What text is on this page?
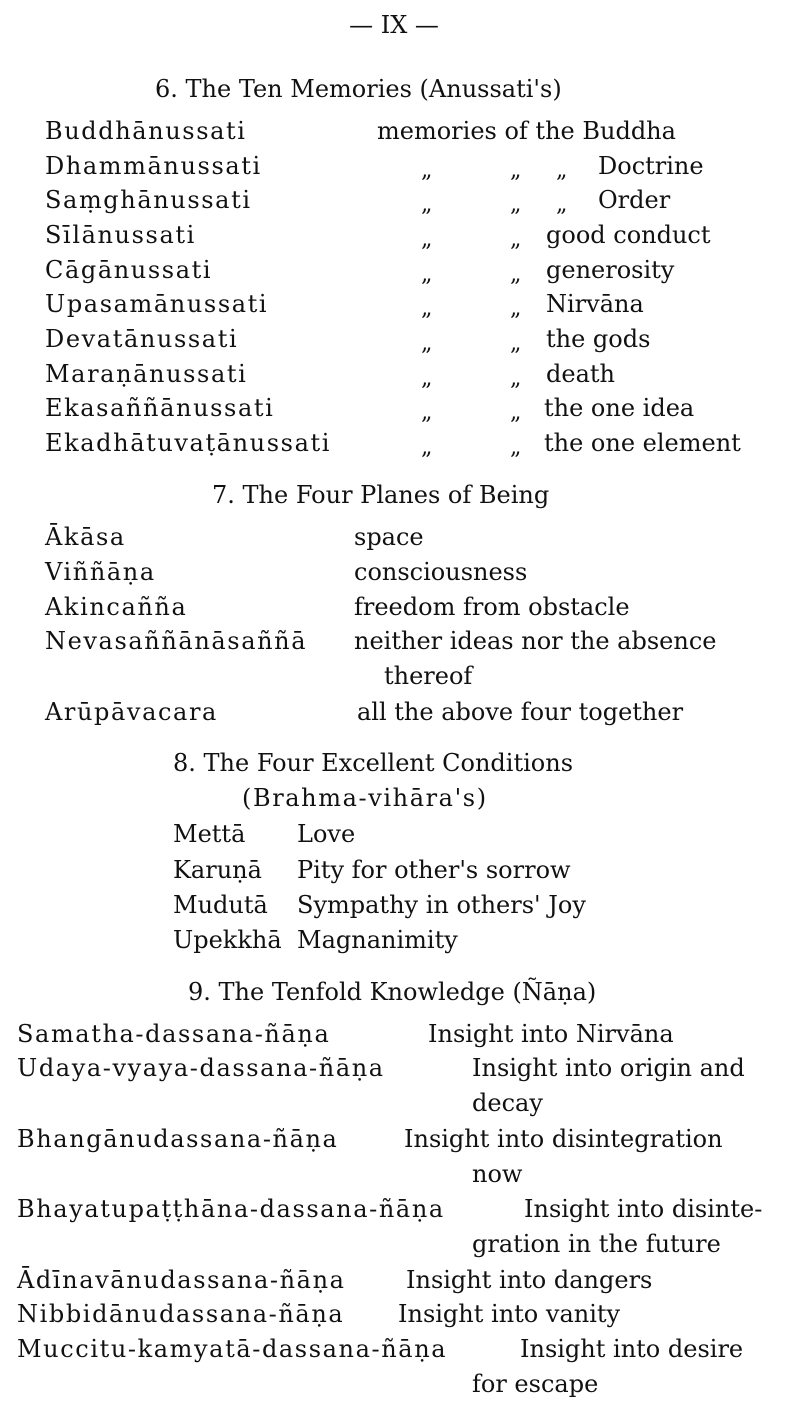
— IX —
6. The Ten Memories (Anussati's)
Buddhānussati	memories of the Buddha
Dhammānussati	„	„ „ Doctrine
Saṃghānussati	„	„ „ Order
Sīlānussati	„	„ good conduct
Cāgānussati	„	„ generosity
Upasamānussati	„	„ Nirvāna
Devatānussati	„	„ the gods
Maraṇānussati	„	„ death
Ekasaññānussati	„	„ the one idea
Ekadhātuvaṭānussati	„	„ the one element
7. The Four Planes of Being
Ākāsa	space
Viññāṇa	consciousness
Akincañña	freedom from obstacle
Nevasaññānāsaññā neither ideas nor the absence
thereof
Arūpāvacara	all the above four together
8. The Four Excellent Conditions
(Brahma-vihāra's)
Mettā Love
Karuṇā Pity for other's sorrow
Mudutā Sympathy in others' Joy
Upekkhā Magnanimity
9. The Tenfold Knowledge (Ñāṇa)
Samatha-dassana-ñāṇa	Insight into Nirvāna
Udaya-vyaya-dassana-ñāṇa	Insight into origin and
decay
Bhangānudassana-ñāṇa	Insight into disintegration
now
Bhayatupaṭṭhāna-dassana-ñāṇa	Insight into disinte-
gration in the future
Ādīnavānudassana-ñāṇa	Insight into dangers
Nibbidānudassana-ñāṇa Insight into vanity
Muccitu-kamyatā-dassana-ñāṇa	Insight into desire
for escape
